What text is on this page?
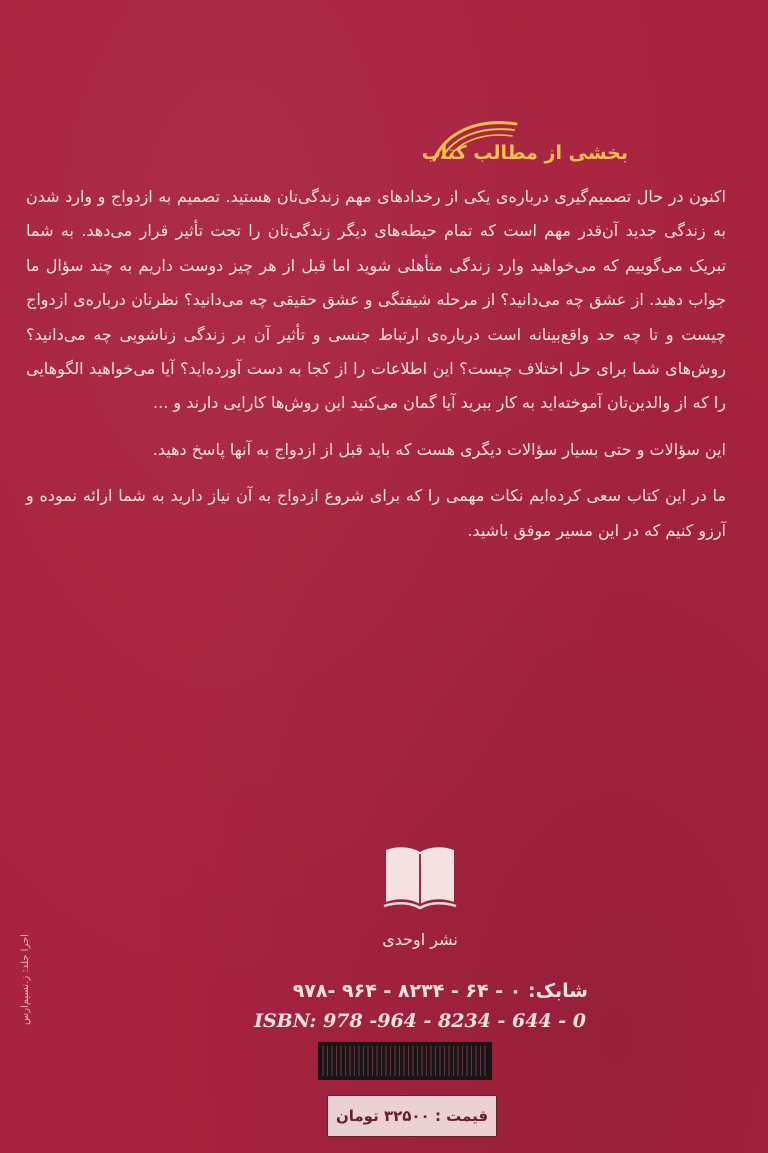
بخشی از مطالب کتاب

اکنون در حال تصمیم‌گیری درباره‌ی یکی از رخدادهای مهم زندگی‌تان هستید. تصمیم به ازدواج و وارد شدن به زندگی جدید آن‌قدر مهم است که تمام حیطه‌های دیگر زندگی‌تان را تحت تأثیر قرار می‌دهد. به شما تبریک می‌گوییم که می‌خواهید وارد زندگی متأهلی شوید اما قبل از هر چیز دوست داریم به چند سؤال ما جواب دهید. از عشق چه می‌دانید؟ از مرحله شیفتگی و عشق حقیقی چه می‌دانید؟ نظرتان درباره‌ی ازدواج چیست و تا چه حد واقع‌بینانه است درباره‌ی ارتباط جنسی و تأثیر آن بر زندگی زناشویی چه می‌دانید؟ روش‌های شما برای حل اختلاف چیست؟ این اطلاعات را از کجا به دست آورده‌اید؟ آیا می‌خواهید الگوهایی را که از والدین‌تان آموخته‌اید به کار ببرید آیا گمان می‌کنید این روش‌ها کارایی دارند و ...

این سؤالات و حتی بسیار سؤالات دیگری هست که باید قبل از ازدواج به آنها پاسخ دهید.

ما در این کتاب سعی کرده‌ایم نکات مهمی را که برای شروع ازدواج به آن نیاز دارید به شما ارائه نموده و آرزو کنیم که در این مسیر موفق باشید.

نشر اوحدی
شابک: ۰ - ۶۴ - ۸۲۳۴ - ۹۶۴ -۹۷۸
ISBN: 978 -964 - 8234 - 644 - 0
قیمت : ۳۲۵۰۰ تومان
اجرا جلد: ز.نسیم‌ارس
